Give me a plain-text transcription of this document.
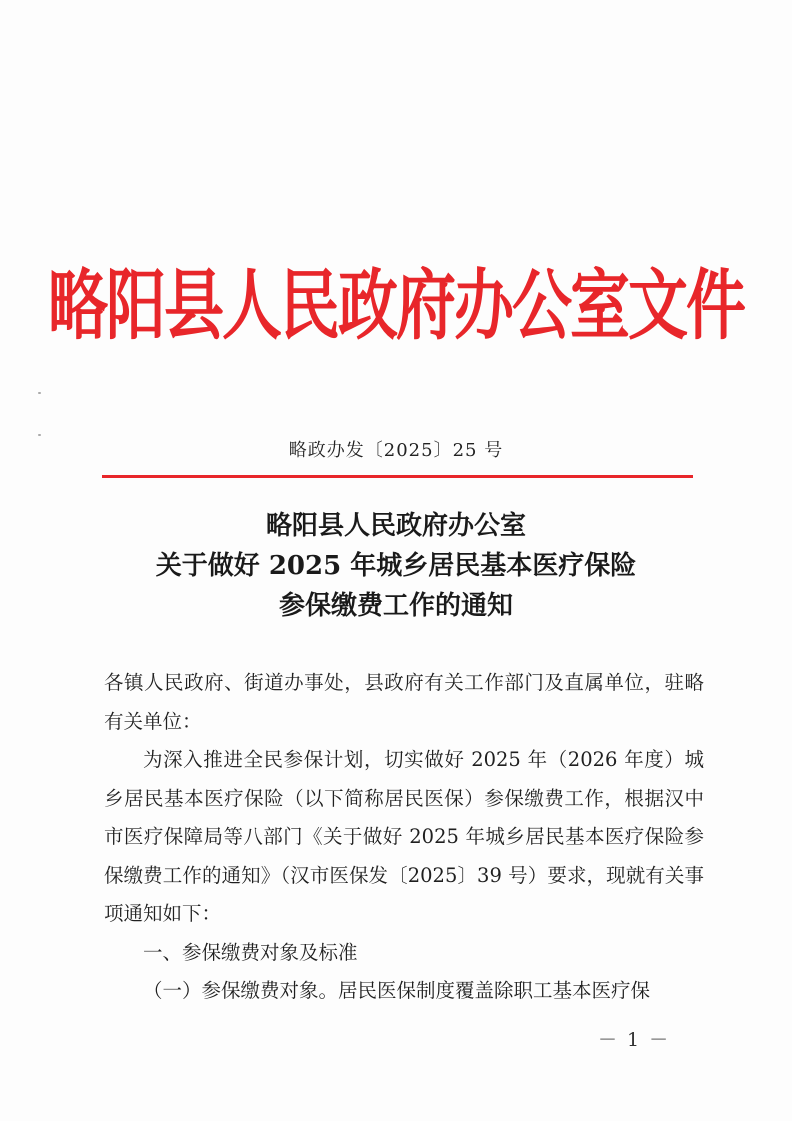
略阳县人民政府办公室文件
略政办发〔2025〕25 号
略阳县人民政府办公室
关于做好 2025 年城乡居民基本医疗保险
参保缴费工作的通知

各镇人民政府、街道办事处，县政府有关工作部门及直属单位，驻略有关单位：

为深入推进全民参保计划，切实做好 2025 年（2026 年度）城乡居民基本医疗保险（以下简称居民医保）参保缴费工作，根据汉中市医疗保障局等八部门《关于做好 2025 年城乡居民基本医疗保险参保缴费工作的通知》（汉市医保发〔2025〕39 号）要求，现就有关事项通知如下：

一、参保缴费对象及标准

（一）参保缴费对象。居民医保制度覆盖除职工基本医疗保

－ 1 －
